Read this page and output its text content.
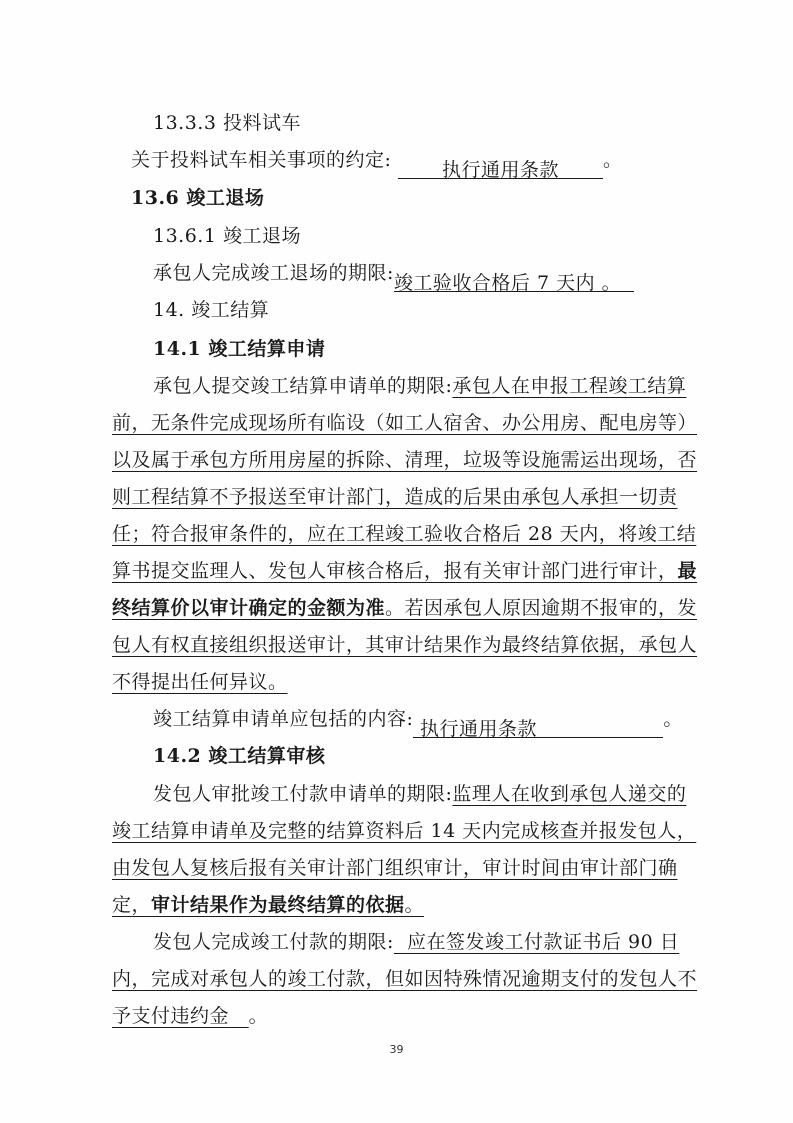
13.3.3 投料试车
关于投料试车相关事项的约定:	执行通用条款 。
13.6 竣工退场
13.6.1 竣工退场
承包人完成竣工退场的期限:竣工验收合格后 7 天内 。
14. 竣工结算
14.1 竣工结算申请
承包人提交竣工结算申请单的期限:承包人在申报工程竣工结算
前，无条件完成现场所有临设（如工人宿舍、办公用房、配电房等）
以及属于承包方所用房屋的拆除、清理，垃圾等设施需运出现场，否
则工程结算不予报送至审计部门，造成的后果由承包人承担一切责
任；符合报审条件的，应在工程竣工验收合格后 28 天内，将竣工结
算书提交监理人、发包人审核合格后，报有关审计部门进行审计，最
终结算价以审计确定的金额为准。若因承包人原因逾期不报审的，发
包人有权直接组织报送审计，其审计结果作为最终结算依据，承包人
不得提出任何异议。
竣工结算申请单应包括的内容: 执行通用条款	。
14.2 竣工结算审核
发包人审批竣工付款申请单的期限:监理人在收到承包人递交的
竣工结算申请单及完整的结算资料后 14 天内完成核查并报发包人，
由发包人复核后报有关审计部门组织审计，审计时间由审计部门确
定，审计结果作为最终结算的依据。
发包人完成竣工付款的期限: 应在签发竣工付款证书后 90 日
内，完成对承包人的竣工付款，但如因特殊情况逾期支付的发包人不
予支付违约金 。
39
